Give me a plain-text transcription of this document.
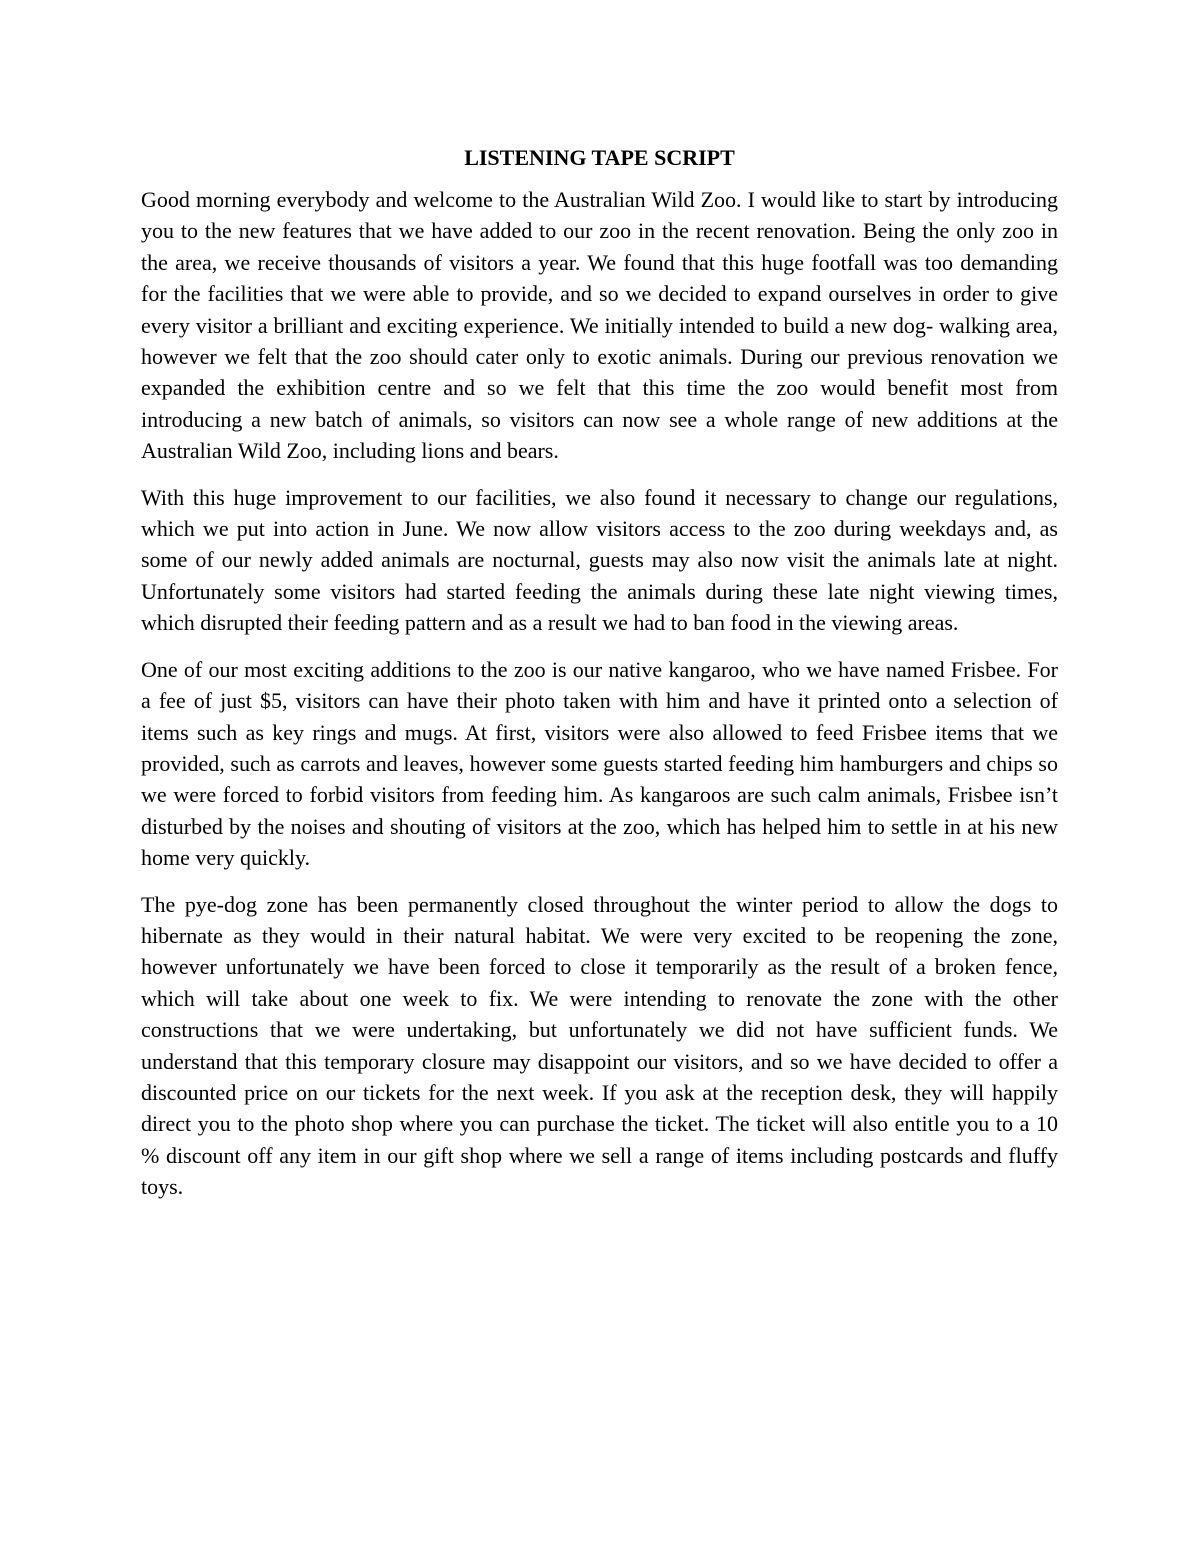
LISTENING TAPE SCRIPT

Good morning everybody and welcome to the Australian Wild Zoo. I would like to start by introducing you to the new features that we have added to our zoo in the recent renovation. Being the only zoo in the area, we receive thousands of visitors a year. We found that this huge footfall was too demanding for the facilities that we were able to provide, and so we decided to expand ourselves in order to give every visitor a brilliant and exciting experience. We initially intended to build a new dog- walking area, however we felt that the zoo should cater only to exotic animals. During our previous renovation we expanded the exhibition centre and so we felt that this time the zoo would benefit most from introducing a new batch of animals, so visitors can now see a whole range of new additions at the Australian Wild Zoo, including lions and bears.

With this huge improvement to our facilities, we also found it necessary to change our regulations, which we put into action in June. We now allow visitors access to the zoo during weekdays and, as some of our newly added animals are nocturnal, guests may also now visit the animals late at night. Unfortunately some visitors had started feeding the animals during these late night viewing times, which disrupted their feeding pattern and as a result we had to ban food in the viewing areas.

One of our most exciting additions to the zoo is our native kangaroo, who we have named Frisbee. For a fee of just $5, visitors can have their photo taken with him and have it printed onto a selection of items such as key rings and mugs. At first, visitors were also allowed to feed Frisbee items that we provided, such as carrots and leaves, however some guests started feeding him hamburgers and chips so we were forced to forbid visitors from feeding him. As kangaroos are such calm animals, Frisbee isn’t disturbed by the noises and shouting of visitors at the zoo, which has helped him to settle in at his new home very quickly.

The pye-dog zone has been permanently closed throughout the winter period to allow the dogs to hibernate as they would in their natural habitat. We were very excited to be reopening the zone, however unfortunately we have been forced to close it temporarily as the result of a broken fence, which will take about one week to fix. We were intending to renovate the zone with the other constructions that we were undertaking, but unfortunately we did not have sufficient funds. We understand that this temporary closure may disappoint our visitors, and so we have decided to offer a discounted price on our tickets for the next week. If you ask at the reception desk, they will happily direct you to the photo shop where you can purchase the ticket. The ticket will also entitle you to a 10 % discount off any item in our gift shop where we sell a range of items including postcards and fluffy toys.
